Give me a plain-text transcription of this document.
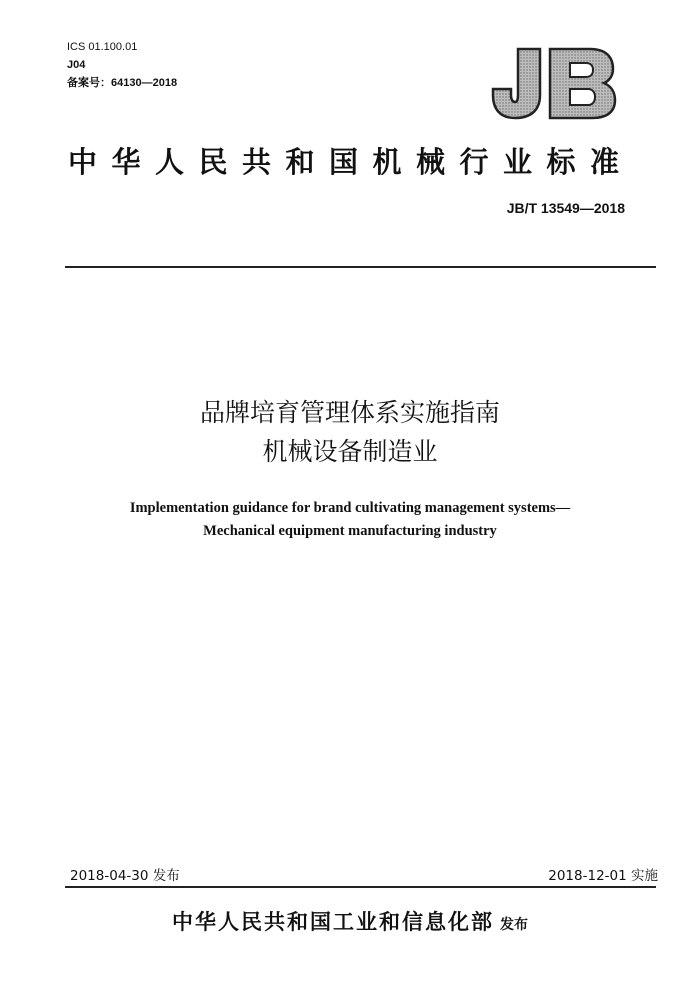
ICS 01.100.01
J04
备案号：64130—2018
中华人民共和国机械行业标准
JB/T 13549—2018
品牌培育管理体系实施指南
机械设备制造业
Implementation guidance for brand cultivating management systems—
Mechanical equipment manufacturing industry
2018-04-30 发布	2018-12-01 实施
中华人民共和国工业和信息化部 发布
